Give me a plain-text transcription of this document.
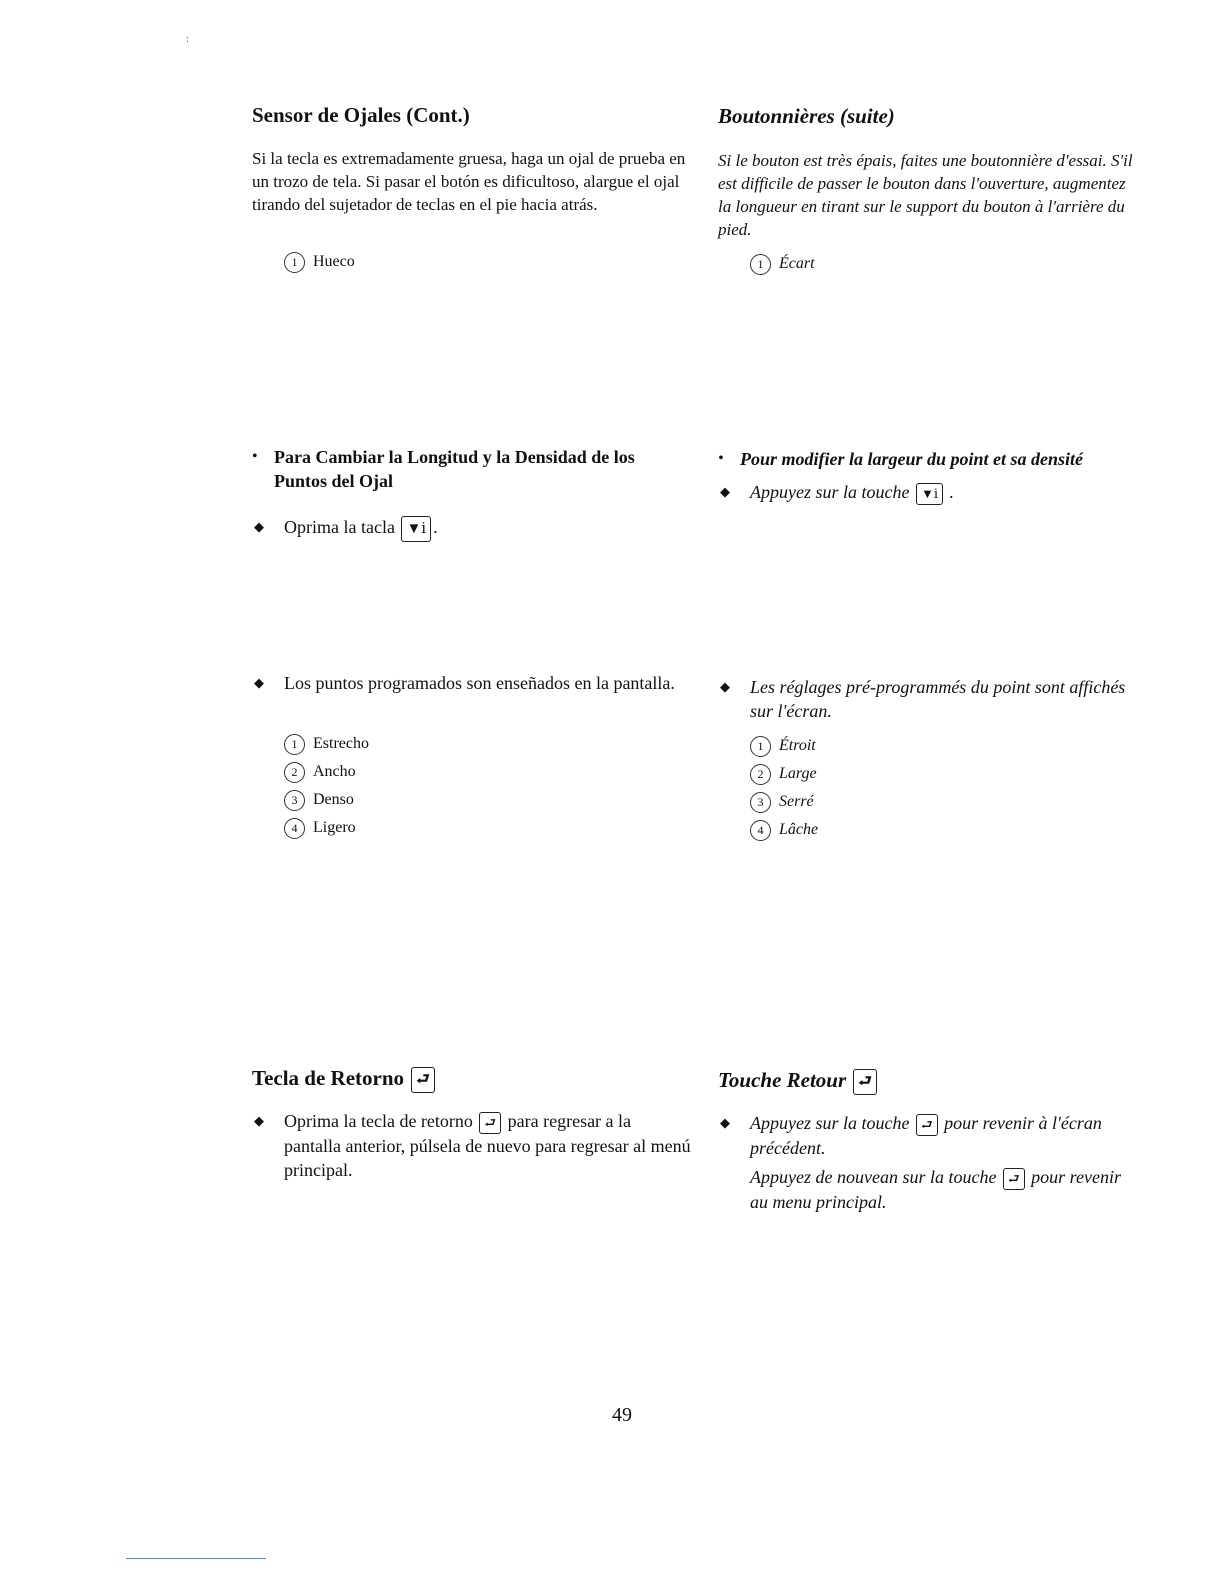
:
Sensor de Ojales (Cont.)

Si la tecla es extremadamente gruesa, haga un ojal de prueba en un trozo de tela. Si pasar el botón es dificultoso, alargue el ojal tirando del sujetador de teclas en el pie hacia atrás.

1 Hueco
• Para Cambiar la Longitud y la Densidad de los Puntos del Ojal
◆	Oprima la tacla ▼ⅰ .
◆	Los puntos programados son enseñados en la pantalla.
1 Estrecho
2 Ancho
3 Denso
4 Ligero
Tecla de Retorno ⮐
◆	Oprima la tecla de retorno ⮐ para regresar a la pantalla anterior, púlsela de nuevo para regresar al menú principal.
Boutonnières (suite)

Si le bouton est très épais, faites une boutonnière d'essai. S'il est difficile de passer le bouton dans l'ouverture, augmentez la longueur en tirant sur le support du bouton à l'arrière du pied.

1 Écart
• Pour modifier la largeur du point et sa densité
◆	Appuyez sur la touche ▼ⅰ .
◆	Les réglages pré-programmés du point sont affichés sur l'écran.
1 Étroit
2 Large
3 Serré
4 Lâche
Touche Retour ⮐
◆	Appuyez sur la touche ⮐ pour revenir à l'écran précédent.
Appuyez de nouvean sur la touche ⮐ pour revenir au menu principal.
49
